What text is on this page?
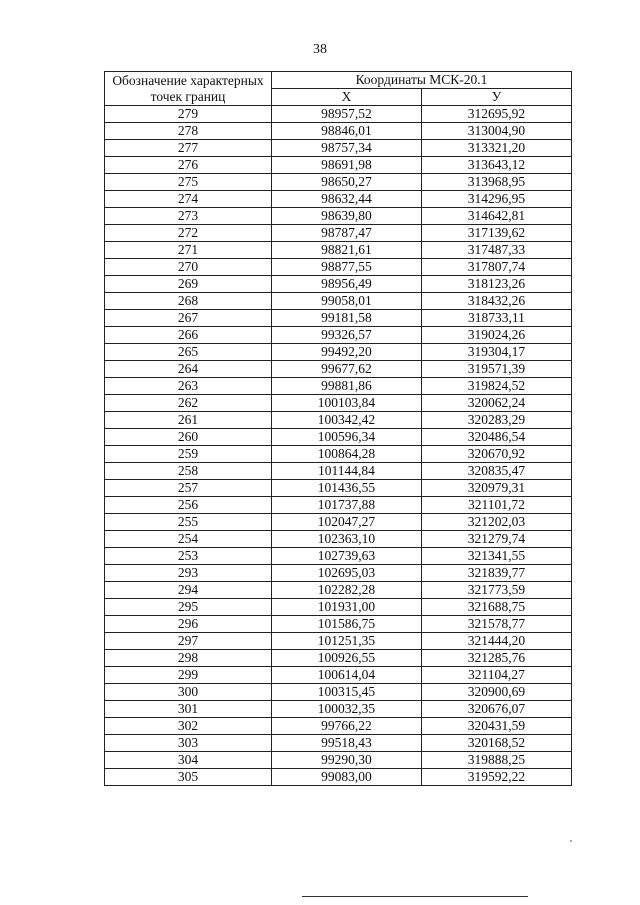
38
Обозначение характерных точек границ	Координаты МСК-20.1	
	X	У
279	98957,52	312695,92
278	98846,01	313004,90
277	98757,34	313321,20
276	98691,98	313643,12
275	98650,27	313968,95
274	98632,44	314296,95
273	98639,80	314642,81
272	98787,47	317139,62
271	98821,61	317487,33
270	98877,55	317807,74
269	98956,49	318123,26
268	99058,01	318432,26
267	99181,58	318733,11
266	99326,57	319024,26
265	99492,20	319304,17
264	99677,62	319571,39
263	99881,86	319824,52
262	100103,84	320062,24
261	100342,42	320283,29
260	100596,34	320486,54
259	100864,28	320670,92
258	101144,84	320835,47
257	101436,55	320979,31
256	101737,88	321101,72
255	102047,27	321202,03
254	102363,10	321279,74
253	102739,63	321341,55
293	102695,03	321839,77
294	102282,28	321773,59
295	101931,00	321688,75
296	101586,75	321578,77
297	101251,35	321444,20
298	100926,55	321285,76
299	100614,04	321104,27
300	100315,45	320900,69
301	100032,35	320676,07
302	99766,22	320431,59
303	99518,43	320168,52
304	99290,30	319888,25
305	99083,00	319592,22
